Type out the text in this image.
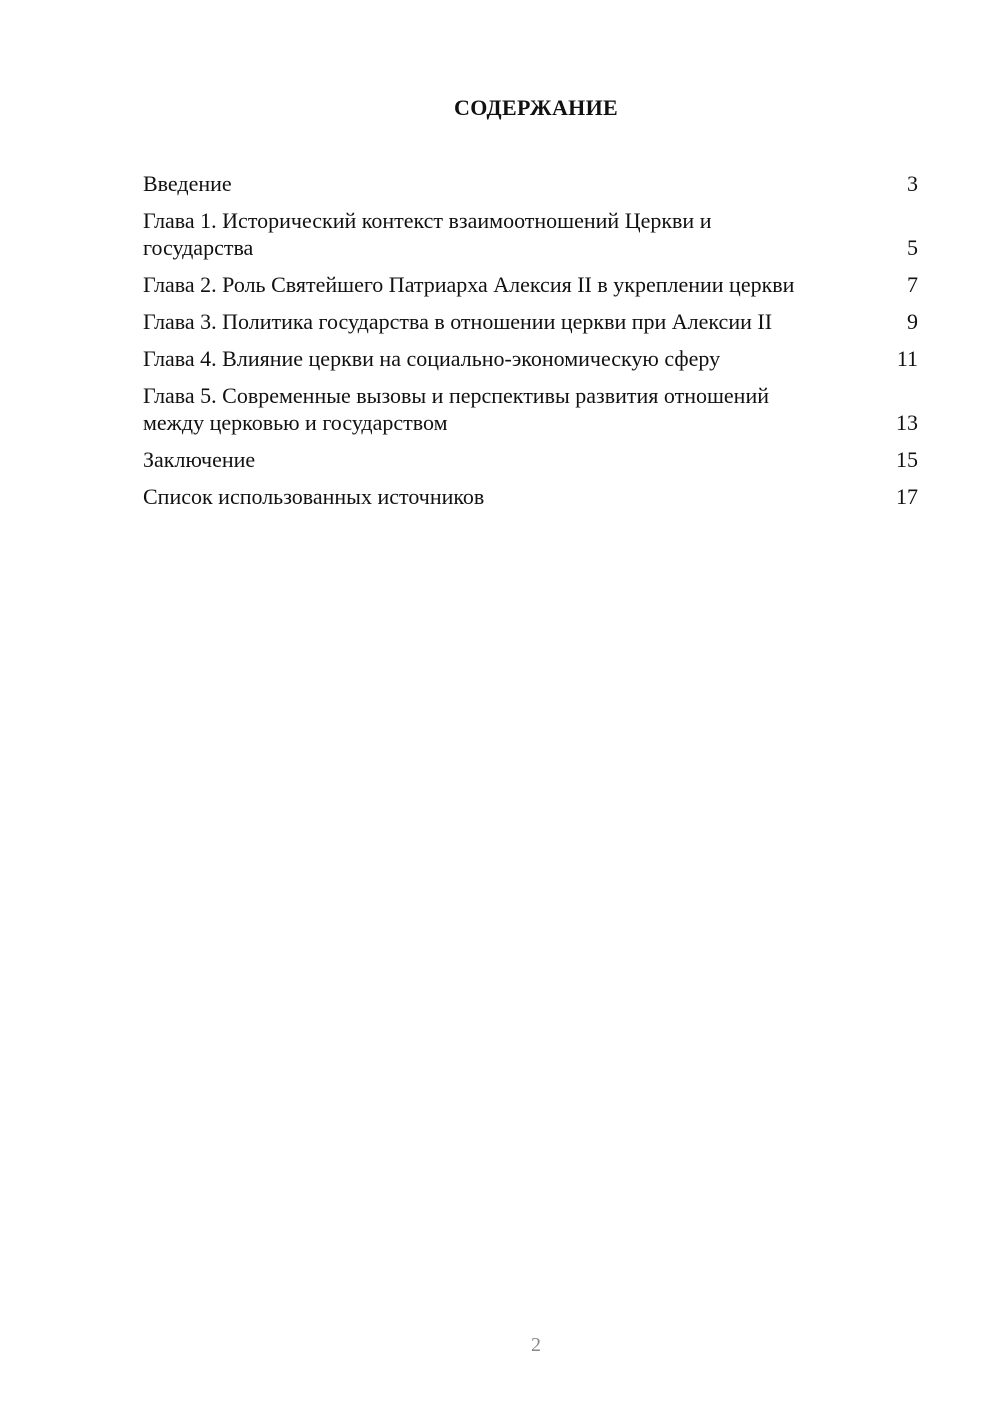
СОДЕРЖАНИЕ
Введение	3
Глава 1. Исторический контекст взаимоотношений Церкви и государства	5
Глава 2. Роль Святейшего Патриарха Алексия II в укреплении церкви	7
Глава 3. Политика государства в отношении церкви при Алексии II	9
Глава 4. Влияние церкви на социально-экономическую сферу	11
Глава 5. Современные вызовы и перспективы развития отношений между церковью и государством	13
Заключение	15
Список использованных источников	17
2
